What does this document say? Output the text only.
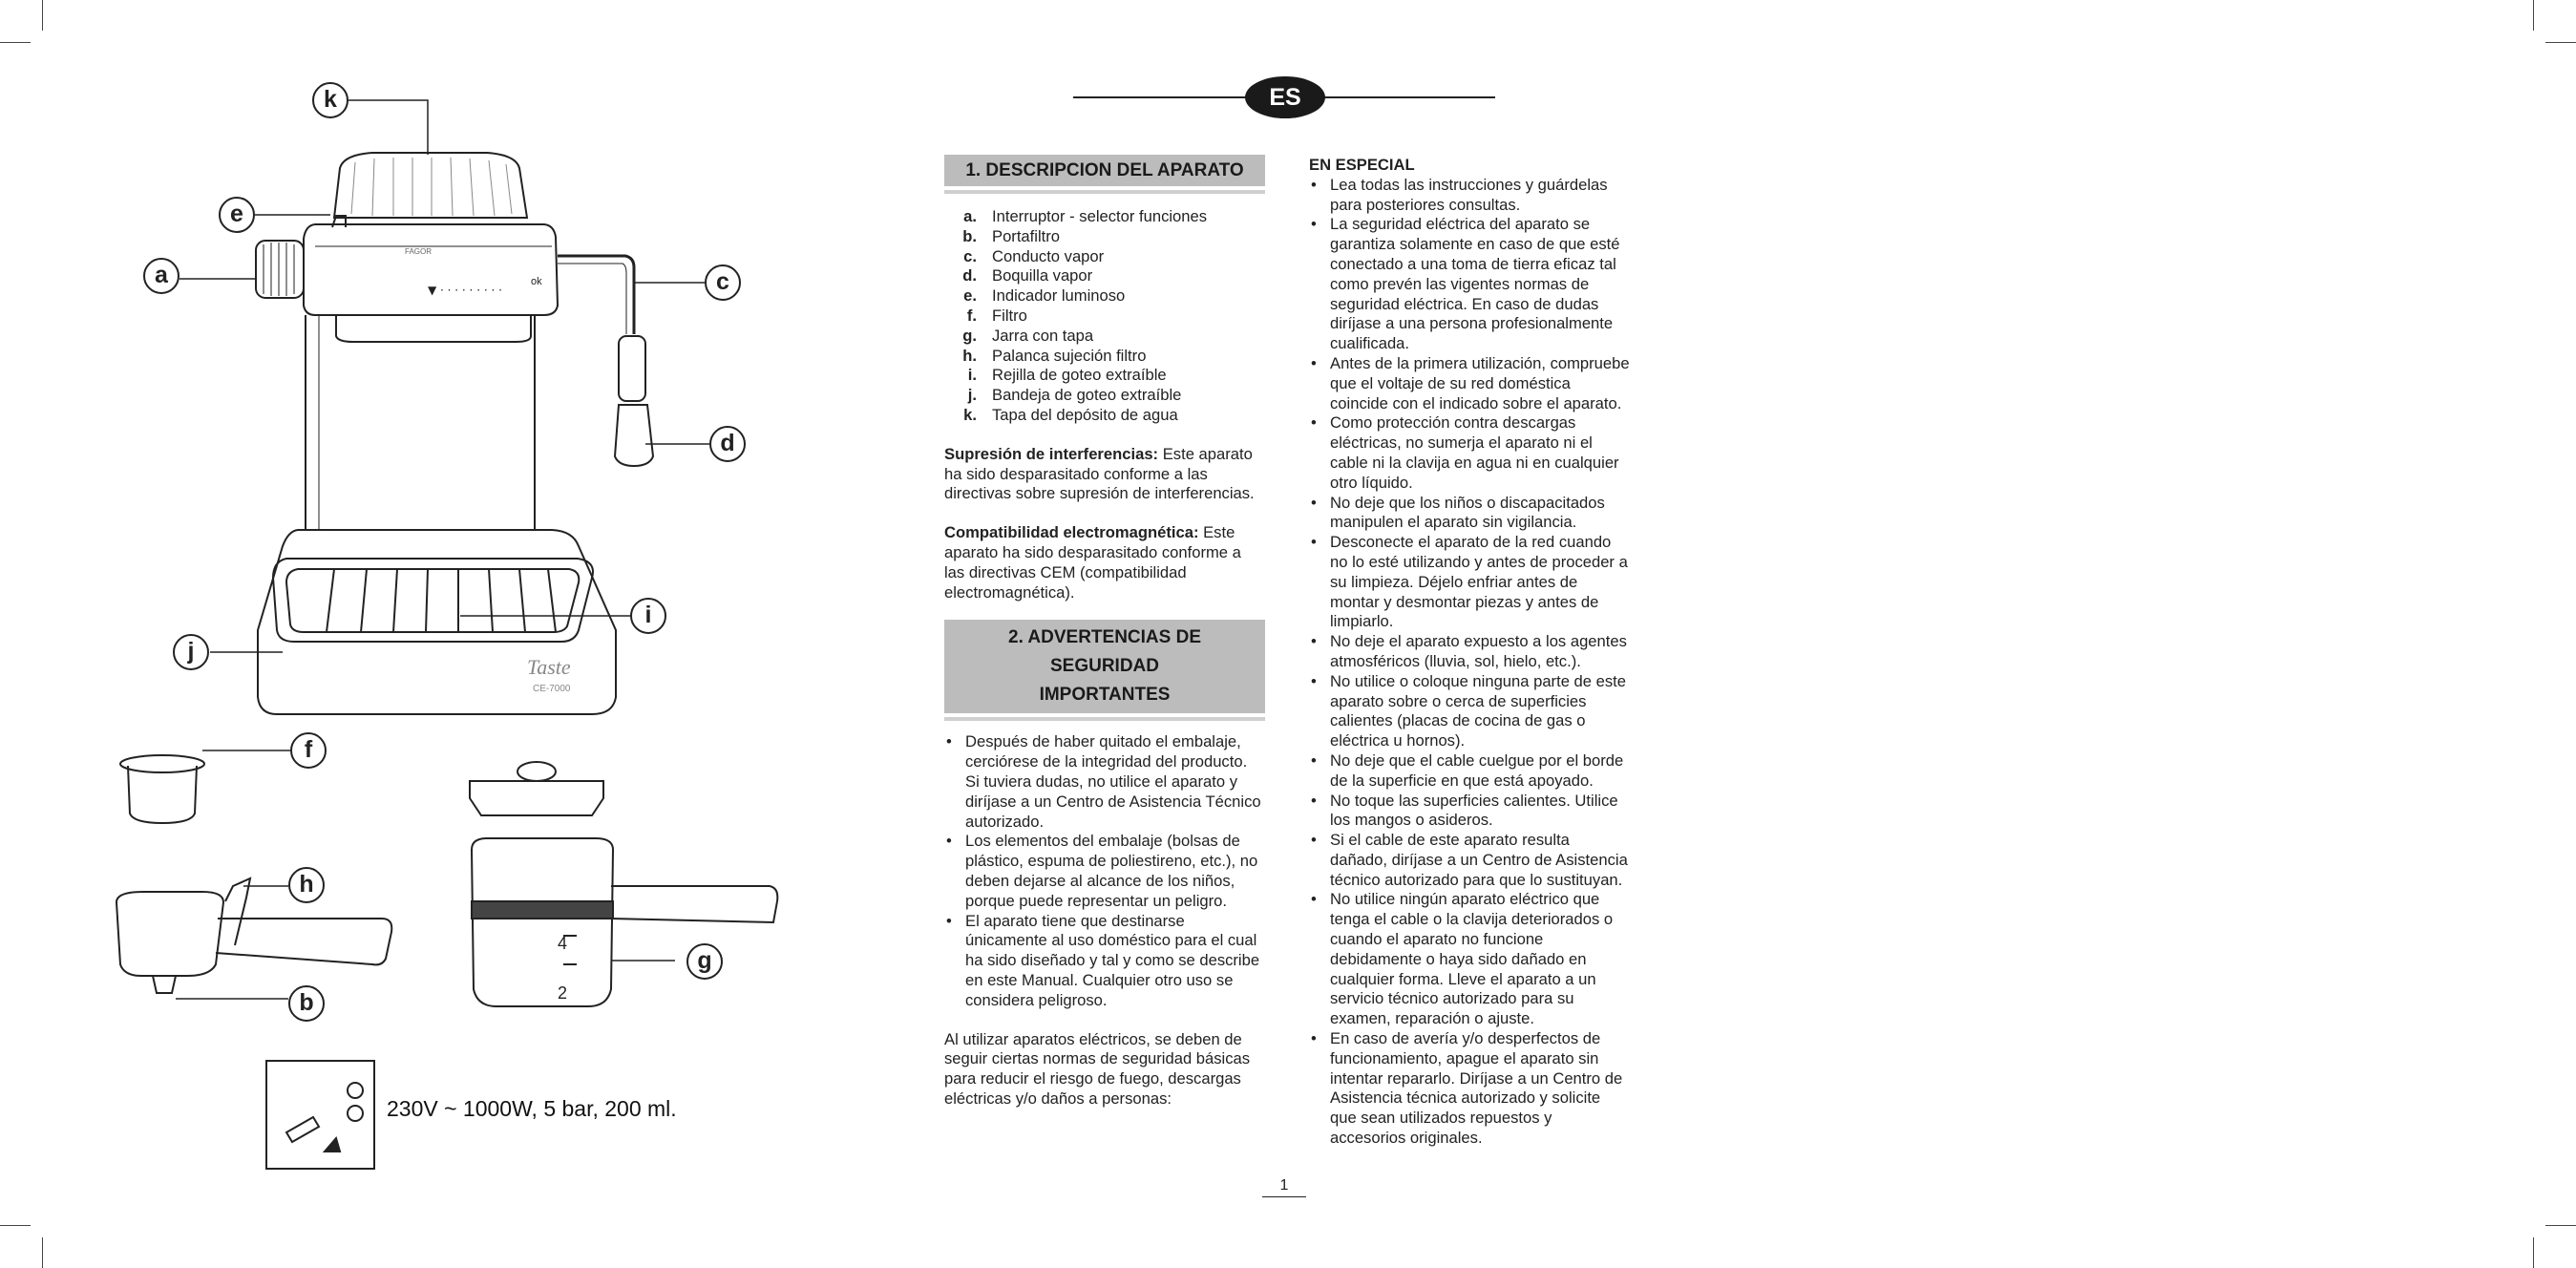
▼ · · · · · · · · ·
ok
FAGOR
Taste
CE-7000
4
2
k
e
a	c
d
i
j
f
h
b
g
230V ~ 1000W, 5 bar, 200 ml.
ES
1. DESCRIPCION DEL APARATO
a. Interruptor - selector funciones
b. Portafiltro
c. Conducto vapor
d. Boquilla vapor
e. Indicador luminoso
f. Filtro
g. Jarra con tapa
h. Palanca sujeción filtro
i. Rejilla de goteo extraíble
j. Bandeja de goteo extraíble
k. Tapa del depósito de agua

Supresión de interferencias: Este aparato ha sido desparasitado conforme a las directivas sobre supresión de interferencias.

Compatibilidad electromagnética: Este aparato ha sido desparasitado conforme a las directivas CEM (compatibilidad electromagnética).

2. ADVERTENCIAS DE SEGURIDAD
IMPORTANTES
• Después de haber quitado el embalaje, cerciórese de la integridad del producto. Si tuviera dudas, no utilice el aparato y diríjase a un Centro de Asistencia Técnico autorizado.
• Los elementos del embalaje (bolsas de plástico, espuma de poliestireno, etc.), no deben dejarse al alcance de los niños, porque puede representar un peligro.
• El aparato tiene que destinarse únicamente al uso doméstico para el cual ha sido diseñado y tal y como se describe en este Manual. Cualquier otro uso se considera peligroso.

Al utilizar aparatos eléctricos, se deben de seguir ciertas normas de seguridad básicas para reducir el riesgo de fuego, descargas eléctricas y/o daños a personas:

EN ESPECIAL
• Lea todas las instrucciones y guárdelas para posteriores consultas.
• La seguridad eléctrica del aparato se garantiza solamente en caso de que esté conectado a una toma de tierra eficaz tal como prevén las vigentes normas de seguridad eléctrica. En caso de dudas diríjase a una persona profesionalmente cualificada.
• Antes de la primera utilización, compruebe que el voltaje de su red doméstica coincide con el indicado sobre el aparato.
• Como protección contra descargas eléctricas, no sumerja el aparato ni el cable ni la clavija en agua ni en cualquier otro líquido.
• No deje que los niños o discapacitados manipulen el aparato sin vigilancia.
• Desconecte el aparato de la red cuando no lo esté utilizando y antes de proceder a su limpieza. Déjelo enfriar antes de montar y desmontar piezas y antes de limpiarlo.
• No deje el aparato expuesto a los agentes atmosféricos (lluvia, sol, hielo, etc.).
• No utilice o coloque ninguna parte de este aparato sobre o cerca de superficies calientes (placas de cocina de gas o eléctrica u hornos).
• No deje que el cable cuelgue por el borde de la superficie en que está apoyado.
• No toque las superficies calientes. Utilice los mangos o asideros.
• Si el cable de este aparato resulta dañado, diríjase a un Centro de Asistencia técnico autorizado para que lo sustituyan.
• No utilice ningún aparato eléctrico que tenga el cable o la clavija deteriorados o cuando el aparato no funcione debidamente o haya sido dañado en cualquier forma. Lleve el aparato a un servicio técnico autorizado para su examen, reparación o ajuste.
• En caso de avería y/o desperfectos de funcionamiento, apague el aparato sin intentar repararlo. Diríjase a un Centro de Asistencia técnica autorizado y solicite que sean utilizados repuestos y accesorios originales.
1
